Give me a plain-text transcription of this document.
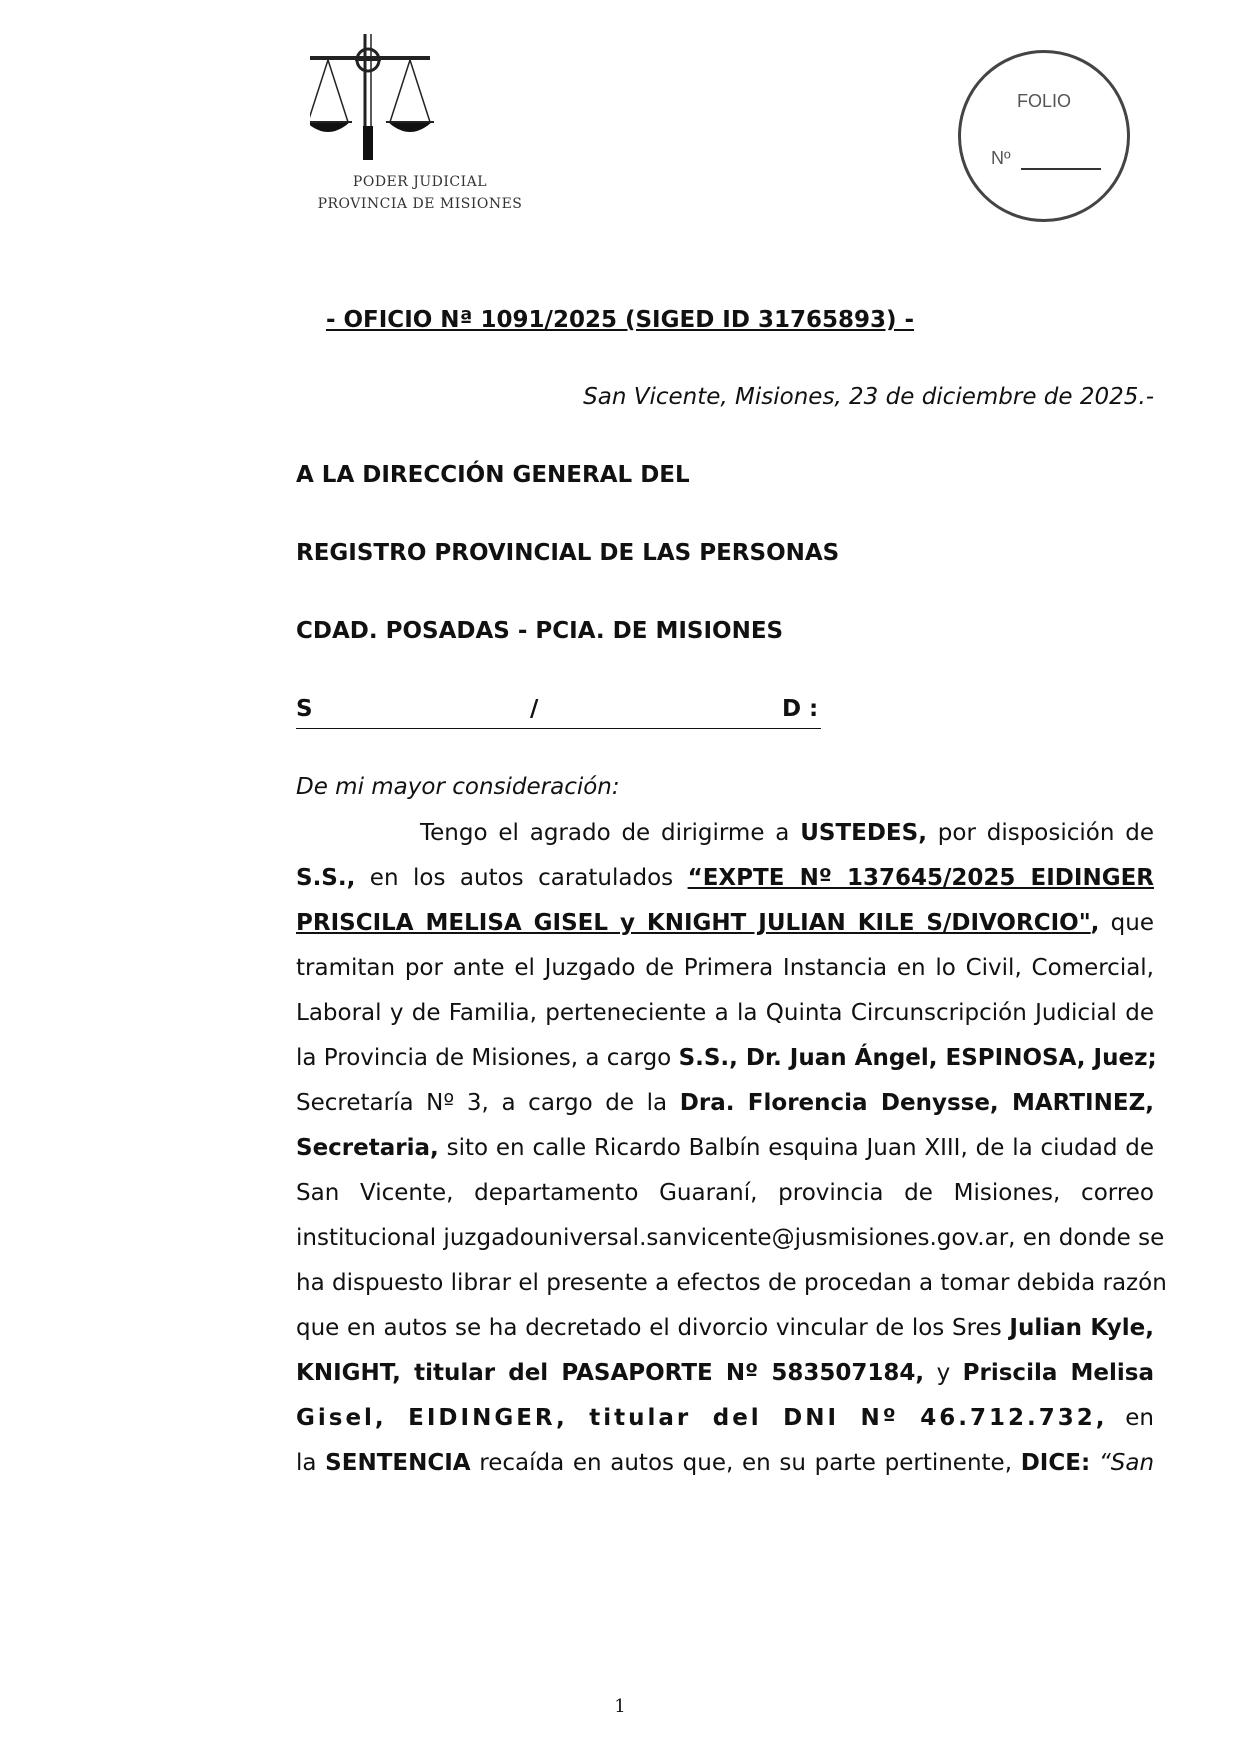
PODER JUDICIAL
PROVINCIA DE MISIONES
FOLIO
Nº
- OFICIO Nª 1091/2025 (SIGED ID 31765893) -
San Vicente, Misiones, 23 de diciembre de 2025.-
A LA DIRECCIÓN GENERAL DEL
REGISTRO PROVINCIAL DE LAS PERSONAS
CDAD. POSADAS - PCIA. DE MISIONES
S	/	D :
De mi mayor consideración:
Tengo el agrado de dirigirme a USTEDES, por disposición de
S.S., en los autos caratulados “EXPTE Nº 137645/2025 EIDINGER
PRISCILA MELISA GISEL y KNIGHT JULIAN KILE S/DIVORCIO", que
tramitan por ante el Juzgado de Primera Instancia en lo Civil, Comercial,
Laboral y de Familia, perteneciente a la Quinta Circunscripción Judicial de
la Provincia de Misiones, a cargo S.S., Dr. Juan Ángel, ESPINOSA, Juez;
Secretaría Nº 3, a cargo de la Dra. Florencia Denysse, MARTINEZ,
Secretaria, sito en calle Ricardo Balbín esquina Juan XIII, de la ciudad de
San Vicente, departamento Guaraní, provincia de Misiones, correo
institucional juzgadouniversal.sanvicente@jusmisiones.gov.ar, en donde se
ha dispuesto librar el presente a efectos de procedan a tomar debida razón
que en autos se ha decretado el divorcio vincular de los Sres Julian Kyle,
KNIGHT, titular del PASAPORTE Nº 583507184, y Priscila Melisa
Gisel, EIDINGER, titular del DNI Nº 46.712.732, en
la SENTENCIA recaída en autos que, en su parte pertinente, DICE: “San
1
